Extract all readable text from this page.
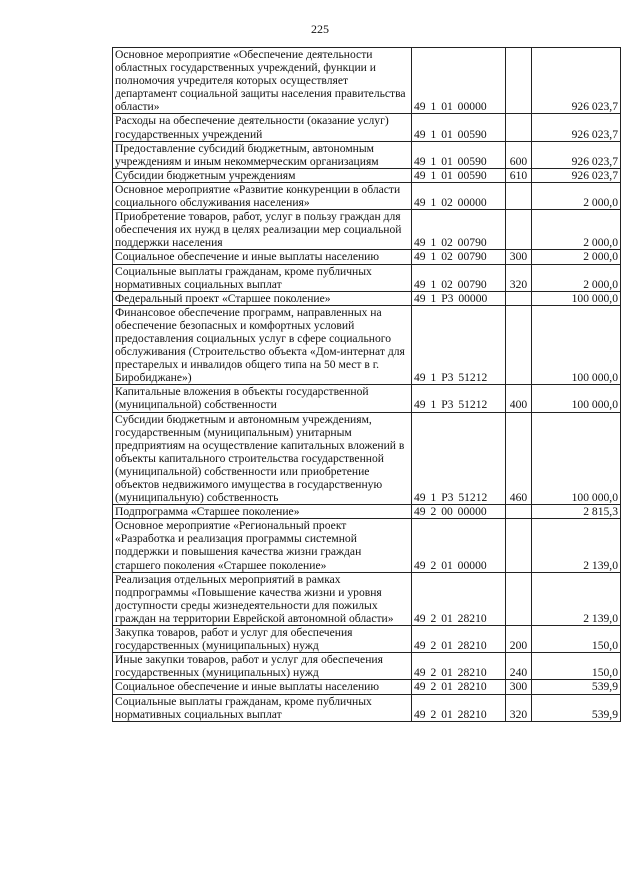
225
Основное мероприятие «Обеспечение деятельности областных государственных учреждений, функции и полномочия учредителя которых осуществляет департамент социальной защиты населения правительства области»	49 1 01 00000		926 023,7
Расходы на обеспечение деятельности (оказание услуг) государственных учреждений	49 1 01 00590		926 023,7
Предоставление субсидий бюджетным, автономным учреждениям и иным некоммерческим организациям	49 1 01 00590	600	926 023,7
Субсидии бюджетным учреждениям	49 1 01 00590	610	926 023,7
Основное мероприятие «Развитие конкуренции в области социального обслуживания населения»	49 1 02 00000		2 000,0
Приобретение товаров, работ, услуг в пользу граждан для обеспечения их нужд в целях реализации мер социальной поддержки населения	49 1 02 00790		2 000,0
Социальное обеспечение и иные выплаты населению	49 1 02 00790	300	2 000,0
Социальные выплаты гражданам, кроме публичных нормативных социальных выплат	49 1 02 00790	320	2 000,0
Федеральный проект «Старшее поколение»	49 1 P3 00000		100 000,0
Финансовое обеспечение программ, направленных на обеспечение безопасных и комфортных условий предоставления социальных услуг в сфере социального обслуживания (Строительство объекта «Дом-интернат для престарелых и инвалидов общего типа на 50 мест в г. Биробиджане»)	49 1 P3 51212		100 000,0
Капитальные вложения в объекты государственной (муниципальной) собственности	49 1 P3 51212	400	100 000,0
Субсидии бюджетным и автономным учреждениям, государственным (муниципальным) унитарным предприятиям на осуществление капитальных вложений в объекты капитального строительства государственной (муниципальной) собственности или приобретение объектов недвижимого имущества в государственную (муниципальную) собственность	49 1 P3 51212	460	100 000,0
Подпрограмма «Старшее поколение»	49 2 00 00000		2 815,3
Основное мероприятие «Региональный проект «Разработка и реализация программы системной поддержки и повышения качества жизни граждан старшего поколения «Старшее поколение»	49 2 01 00000		2 139,0
Реализация отдельных мероприятий в рамках подпрограммы «Повышение качества жизни и уровня доступности среды жизнедеятельности для пожилых граждан на территории Еврейской автономной области»	49 2 01 28210		2 139,0
Закупка товаров, работ и услуг для обеспечения государственных (муниципальных) нужд	49 2 01 28210	200	150,0
Иные закупки товаров, работ и услуг для обеспечения государственных (муниципальных) нужд	49 2 01 28210	240	150,0
Социальное обеспечение и иные выплаты населению	49 2 01 28210	300	539,9
Социальные выплаты гражданам, кроме публичных нормативных социальных выплат	49 2 01 28210	320	539,9
